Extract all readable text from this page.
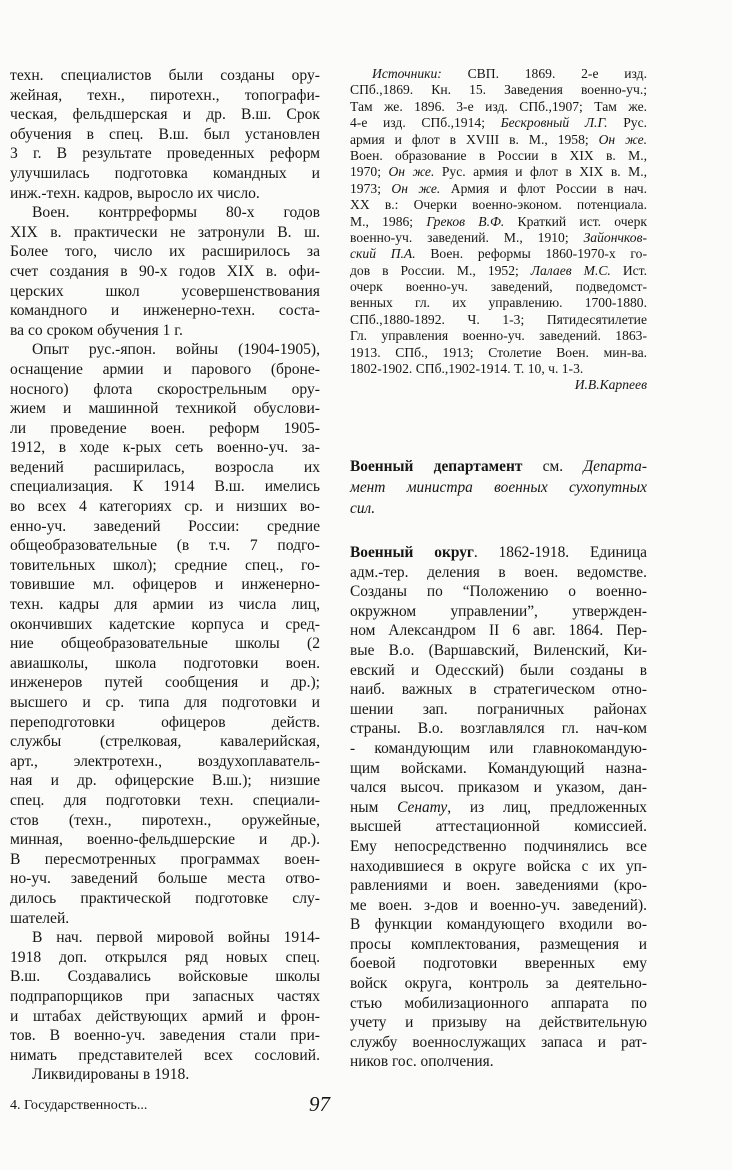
техн. специалистов были созданы ору-
жейная, техн., пиротехн., топографи-
ческая, фельдшерская и др. В.ш. Срок
обучения в спец. В.ш. был установлен
3 г. В результате проведенных реформ
улучшилась подготовка командных и
инж.-техн. кадров, выросло их число.
Воен. контрреформы 80-х годов
XIX в. практически не затронули В. ш.
Более того, число их расширилось за
счет создания в 90-х годов XIX в. офи-
церских школ усовершенствования
командного и инженерно-техн. соста-
ва со сроком обучения 1 г.
Опыт рус.-япон. войны (1904-1905),
оснащение армии и парового (броне-
носного) флота скорострельным ору-
жием и машинной техникой обуслови-
ли проведение воен. реформ 1905-
1912, в ходе к-рых сеть военно-уч. за-
ведений расширилась, возросла их
специализация. К 1914 В.ш. имелись
во всех 4 категориях ср. и низших во-
енно-уч. заведений России: средние
общеобразовательные (в т.ч. 7 подго-
товительных школ); средние спец., го-
товившие мл. офицеров и инженерно-
техн. кадры для армии из числа лиц,
окончивших кадетские корпуса и сред-
ние общеобразовательные школы (2
авиашколы, школа подготовки воен.
инженеров путей сообщения и др.);
высшего и ср. типа для подготовки и
переподготовки офицеров действ.
службы (стрелковая, кавалерийская,
арт., электротехн., воздухоплаватель-
ная и др. офицерские В.ш.); низшие
спец. для подготовки техн. специали-
стов (техн., пиротехн., оружейные,
минная, военно-фельдшерские и др.).
В пересмотренных программах воен-
но-уч. заведений больше места отво-
дилось практической подготовке слу-
шателей.
В нач. первой мировой войны 1914-
1918 доп. открылся ряд новых спец.
В.ш. Создавались войсковые школы
подпрапорщиков при запасных частях
и штабах действующих армий и фрон-
тов. В военно-уч. заведения стали при-
нимать представителей всех сословий.
Ликвидированы в 1918.
Источники: СВП. 1869. 2-е изд.
СПб.,1869. Кн. 15. Заведения военно-уч.;
Там же. 1896. 3-е изд. СПб.,1907; Там же.
4-е изд. СПб.,1914; Бескровный Л.Г. Рус.
армия и флот в XVIII в. М., 1958; Он же.
Воен. образование в России в XIX в. М.,
1970; Он же. Рус. армия и флот в XIX в. М.,
1973; Он же. Армия и флот России в нач.
XX в.: Очерки военно-эконом. потенциала.
М., 1986; Греков В.Ф. Краткий ист. очерк
военно-уч. заведений. М., 1910; Зайончков-
ский П.А. Воен. реформы 1860-1970-х го-
дов в России. М., 1952; Лалаев М.С. Ист.
очерк военно-уч. заведений, подведомст-
венных гл. их управлению. 1700-1880.
СПб.,1880-1892. Ч. 1-3; Пятидесятилетие
Гл. управления военно-уч. заведений. 1863-
1913. СПб., 1913; Столетие Воен. мин-ва.
1802-1902. СПб.,1902-1914. Т. 10, ч. 1-3.
И.В.Карпеев
Военный департамент см. Департа-
мент министра военных сухопутных
сил.
Военный округ. 1862-1918. Единица
адм.-тер. деления в воен. ведомстве.
Созданы по “Положению о военно-
окружном управлении”, утвержден-
ном Александром II 6 авг. 1864. Пер-
вые В.о. (Варшавский, Виленский, Ки-
евский и Одесский) были созданы в
наиб. важных в стратегическом отно-
шении зап. пограничных районах
страны. В.о. возглавлялся гл. нач-ком
- командующим или главнокомандую-
щим войсками. Командующий назна-
чался высоч. приказом и указом, дан-
ным Сенату, из лиц, предложенных
высшей аттестационной комиссией.
Ему непосредственно подчинялись все
находившиеся в округе войска с их уп-
равлениями и воен. заведениями (кро-
ме воен. з-дов и военно-уч. заведений).
В функции командующего входили во-
просы комплектования, размещения и
боевой подготовки вверенных ему
войск округа, контроль за деятельно-
стью мобилизационного аппарата по
учету и призыву на действительную
службу военнослужащих запаса и рат-
ников гос. ополчения.
4. Государственность...	97
